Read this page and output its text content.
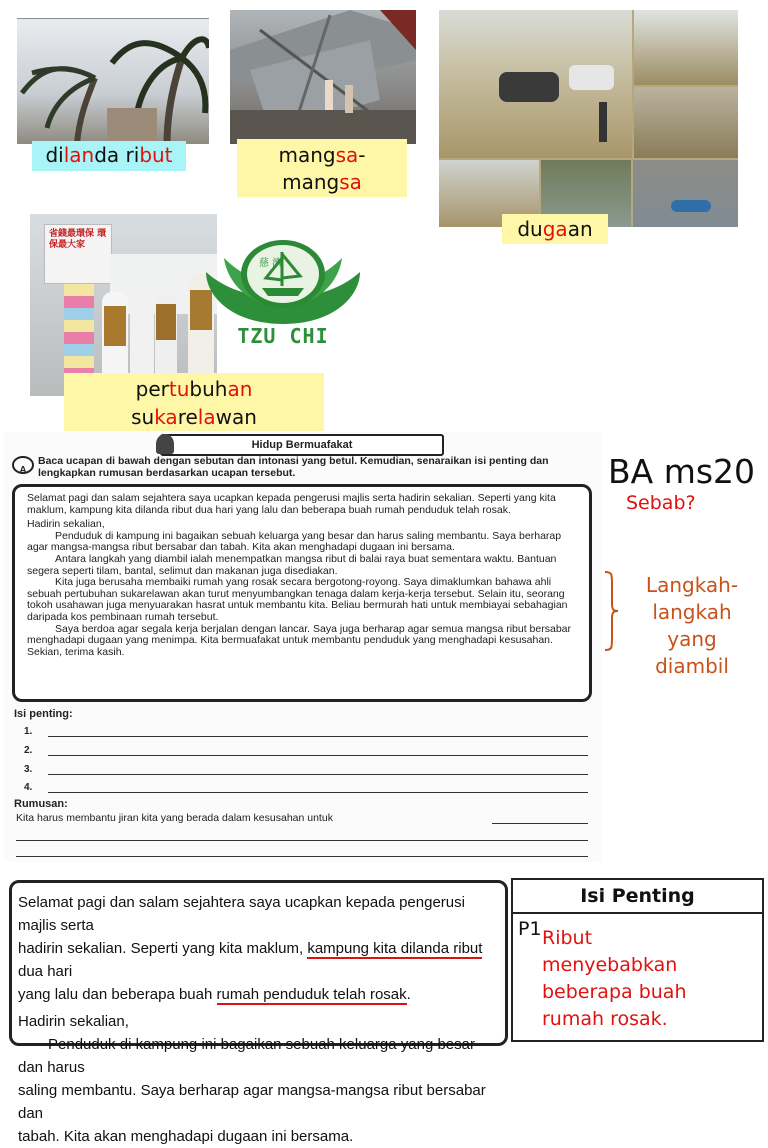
省錢最環保 環保最大家
慈 濟
TZU CHI
dilanda ribut	mangsa-
mangsa
dugaan
pertubuhan
sukarelawan
Hidup Bermuafakat
A
Baca ucapan di bawah dengan sebutan dan intonasi yang betul. Kemudian, senaraikan isi penting dan lengkapkan rumusan berdasarkan ucapan tersebut.
Selamat pagi dan salam sejahtera saya ucapkan kepada pengerusi majlis serta hadirin sekalian. Seperti yang kita maklum, kampung kita dilanda ribut dua hari yang lalu dan beberapa buah rumah penduduk telah rosak.
Hadirin sekalian,
Penduduk di kampung ini bagaikan sebuah keluarga yang besar dan harus saling membantu. Saya berharap agar mangsa-mangsa ribut bersabar dan tabah. Kita akan menghadapi dugaan ini bersama.
Antara langkah yang diambil ialah menempatkan mangsa ribut di balai raya buat sementara waktu. Bantuan segera seperti tilam, bantal, selimut dan makanan juga disediakan.
Kita juga berusaha membaiki rumah yang rosak secara bergotong-royong. Saya dimaklumkan bahawa ahli sebuah pertubuhan sukarelawan akan turut menyumbangkan tenaga dalam kerja-kerja tersebut. Selain itu, seorang tokoh usahawan juga menyuarakan hasrat untuk membantu kita. Beliau bermurah hati untuk membiayai sebahagian daripada kos pembinaan rumah tersebut.
Saya berdoa agar segala kerja berjalan dengan lancar. Saya juga berharap agar semua mangsa ribut bersabar menghadapi dugaan yang menimpa. Kita bermuafakat untuk membantu penduduk yang menghadapi kesusahan.
Sekian, terima kasih.
Isi penting:
1.
2.
3.
4.
Rumusan:
Kita harus membantu jiran kita yang berada dalam kesusahan untuk
BA ms20
Sebab?
Langkah-
langkah
yang
diambil

Selamat pagi dan salam sejahtera saya ucapkan kepada pengerusi majlis serta

hadirin sekalian. Seperti yang kita maklum, kampung kita dilanda ribut dua hari

yang lalu dan beberapa buah rumah penduduk telah rosak.

Hadirin sekalian,

Penduduk di kampung ini bagaikan sebuah keluarga yang besar dan harus

saling membantu. Saya berharap agar mangsa-mangsa ribut bersabar dan

tabah. Kita akan menghadapi dugaan ini bersama.

Isi Penting
P1 Ribut
menyebabkan
beberapa buah
rumah rosak.
